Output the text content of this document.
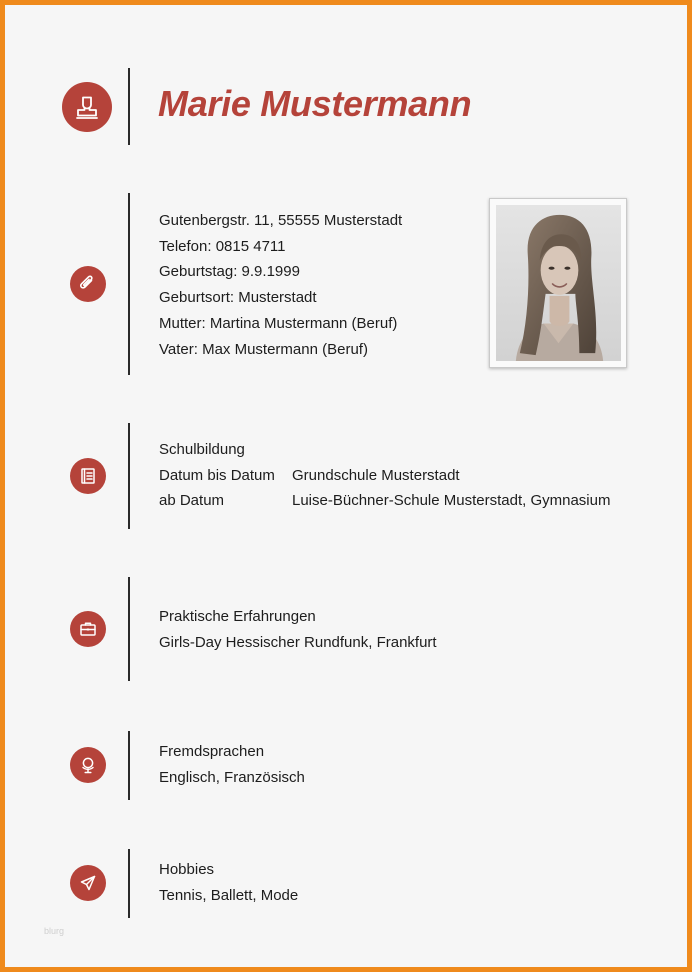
Marie Mustermann
Gutenbergstr. 11, 55555 Musterstadt
Telefon: 0815 4711
Geburtstag: 9.9.1999
Geburtsort: Musterstadt
Mutter: Martina Mustermann (Beruf)
Vater: Max Mustermann (Beruf)
Schulbildung
Datum bis Datum	Grundschule Musterstadt
ab Datum	Luise-Büchner-Schule Musterstadt, Gymnasium
Praktische Erfahrungen
Girls-Day Hessischer Rundfunk, Frankfurt
Fremdsprachen
Englisch, Französisch
Hobbies
Tennis, Ballett, Mode
blurg
